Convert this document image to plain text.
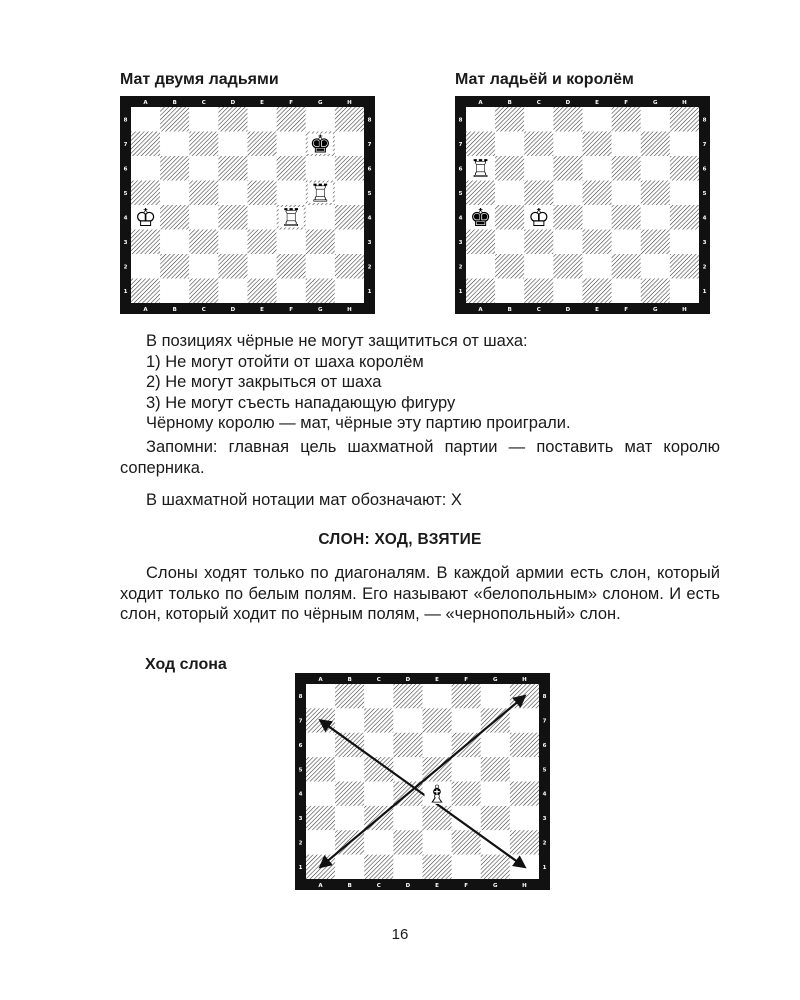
Мат двумя ладьями
A
A
B
B
C
C
D
D
E
E
F
F
G
G
H
H
1	1
2	2
3	3
4	4
5	5
6	6
7	7
8	8
♔	♖
♖
♚
Мат ладьёй и королём
A
A
B
B
C
C
D
D
E
E
F
F
G
G
H
H
1	1
2	2
3	3
4	4
5	5
6	6
7	7
8	8
♖
♚ ♔
В позициях чёрные не могут защититься от шаха:
1) Не могут отойти от шаха королём
2) Не могут закрыться от шаха
3) Не могут съесть нападающую фигуру
Чёрному королю — мат, чёрные эту партию проиграли.
Запомни: главная цель шахматной партии — поставить мат королю соперника.
В шахматной нотации мат обозначают: X
СЛОН: ХОД, ВЗЯТИЕ
Слоны ходят только по диагоналям. В каждой армии есть слон, который ходит только по белым полям. Его называют «белопольным» слоном. И есть слон, который ходит по чёрным полям, — «чернопольный» слон.
Ход слона
A
A
B
B
C
C
D
D
E
E
F
F
G
G
H
H
1	1
2	2
3	3
4	4
5	5
6	6
7	7
8	8
♗
16
